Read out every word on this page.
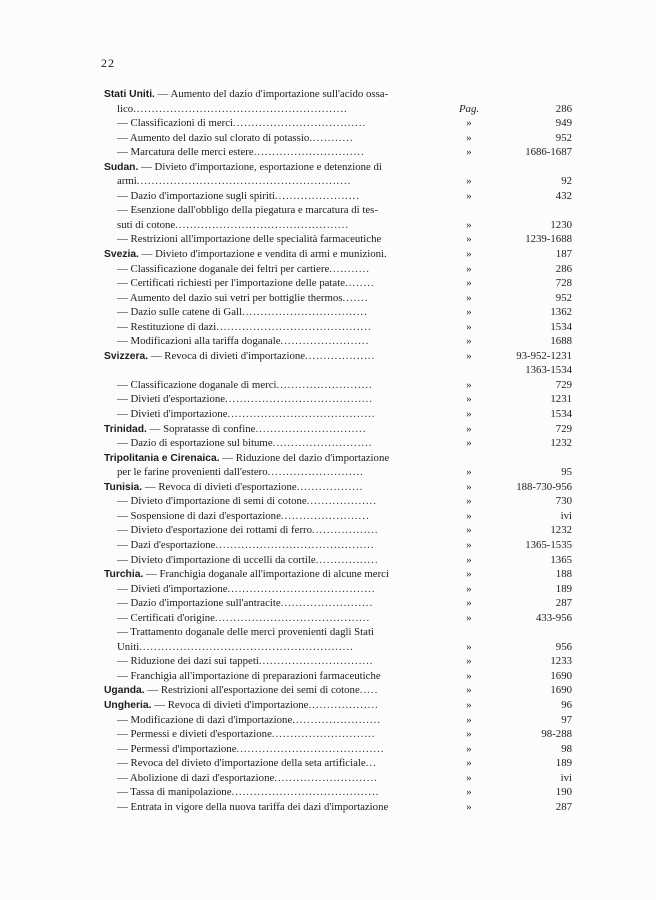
22
Stati Uniti. — Aumento del dazio d'importazione sull'acido ossa-
lico..........................................................	Pag.	286
— Classificazioni di merci....................................	»	949
— Aumento del dazio sul clorato di potassio............	»	952
— Marcatura delle merci estere..............................	»	1686-1687
Sudan. — Divieto d'importazione, esportazione e detenzione di
armi..........................................................	»	92
— Dazio d'importazione sugli spiriti.......................	»	432
— Esenzione dall'obbligo della piegatura e marcatura di tes-
suti di cotone...............................................	»	1230
— Restrizioni all'importazione delle specialità farmaceutiche	»	1239-1688
Svezia. — Divieto d'importazione e vendita di armi e munizioni.	»	187
— Classificazione doganale dei feltri per cartiere...........	»	286
— Certificati richiesti per l'importazione delle patate........	»	728
— Aumento del dazio sui vetri per bottiglie thermos.......	»	952
— Dazio sulle catene di Gall..................................	»	1362
— Restituzione di dazi..........................................	»	1534
— Modificazioni alla tariffa doganale........................	»	1688
Svizzera. — Revoca di divieti d'importazione...................	»	93-952-1231
1363-1534
— Classificazione doganale di merci..........................	»	729
— Divieti d'esportazione........................................	»	1231
— Divieti d'importazione........................................	»	1534
Trinidad. — Sopratasse di confine..............................	»	729
— Dazio di esportazione sul bitume...........................	»	1232
Tripolitania e Cirenaica. — Riduzione del dazio d'importazione
per le farine provenienti dall'estero..........................	»	95
Tunisia. — Revoca di divieti d'esportazione..................	»	188-730-956
— Divieto d'importazione di semi di cotone...................	»	730
— Sospensione di dazi d'esportazione........................	»	ivi
— Divieto d'esportazione dei rottami di ferro..................	»	1232
— Dazi d'esportazione...........................................	»	1365-1535
— Divieto d'importazione di uccelli da cortile.................	»	1365
Turchia. — Franchigia doganale all'importazione di alcune merci	»	188
— Divieti d'importazione........................................	»	189
— Dazio d'importazione sull'antracite.........................	»	287
— Certificati d'origine..........................................	»	433-956
— Trattamento doganale delle merci provenienti dagli Stati
Uniti..........................................................	»	956
— Riduzione dei dazi sui tappeti...............................	»	1233
— Franchigia all'importazione di preparazioni farmaceutiche	»	1690
Uganda. — Restrizioni all'esportazione dei semi di cotone.....	»	1690
Ungheria. — Revoca di divieti d'importazione...................	»	96
— Modificazione di dazi d'importazione........................	»	97
— Permessi e divieti d'esportazione............................	»	98-288
— Permessi d'importazione........................................	»	98
— Revoca del divieto d'importazione della seta artificiale...	»	189
— Abolizione di dazi d'esportazione............................	»	ivi
— Tassa di manipolazione........................................	»	190
— Entrata in vigore della nuova tariffa dei dazi d'importazione	»	287
